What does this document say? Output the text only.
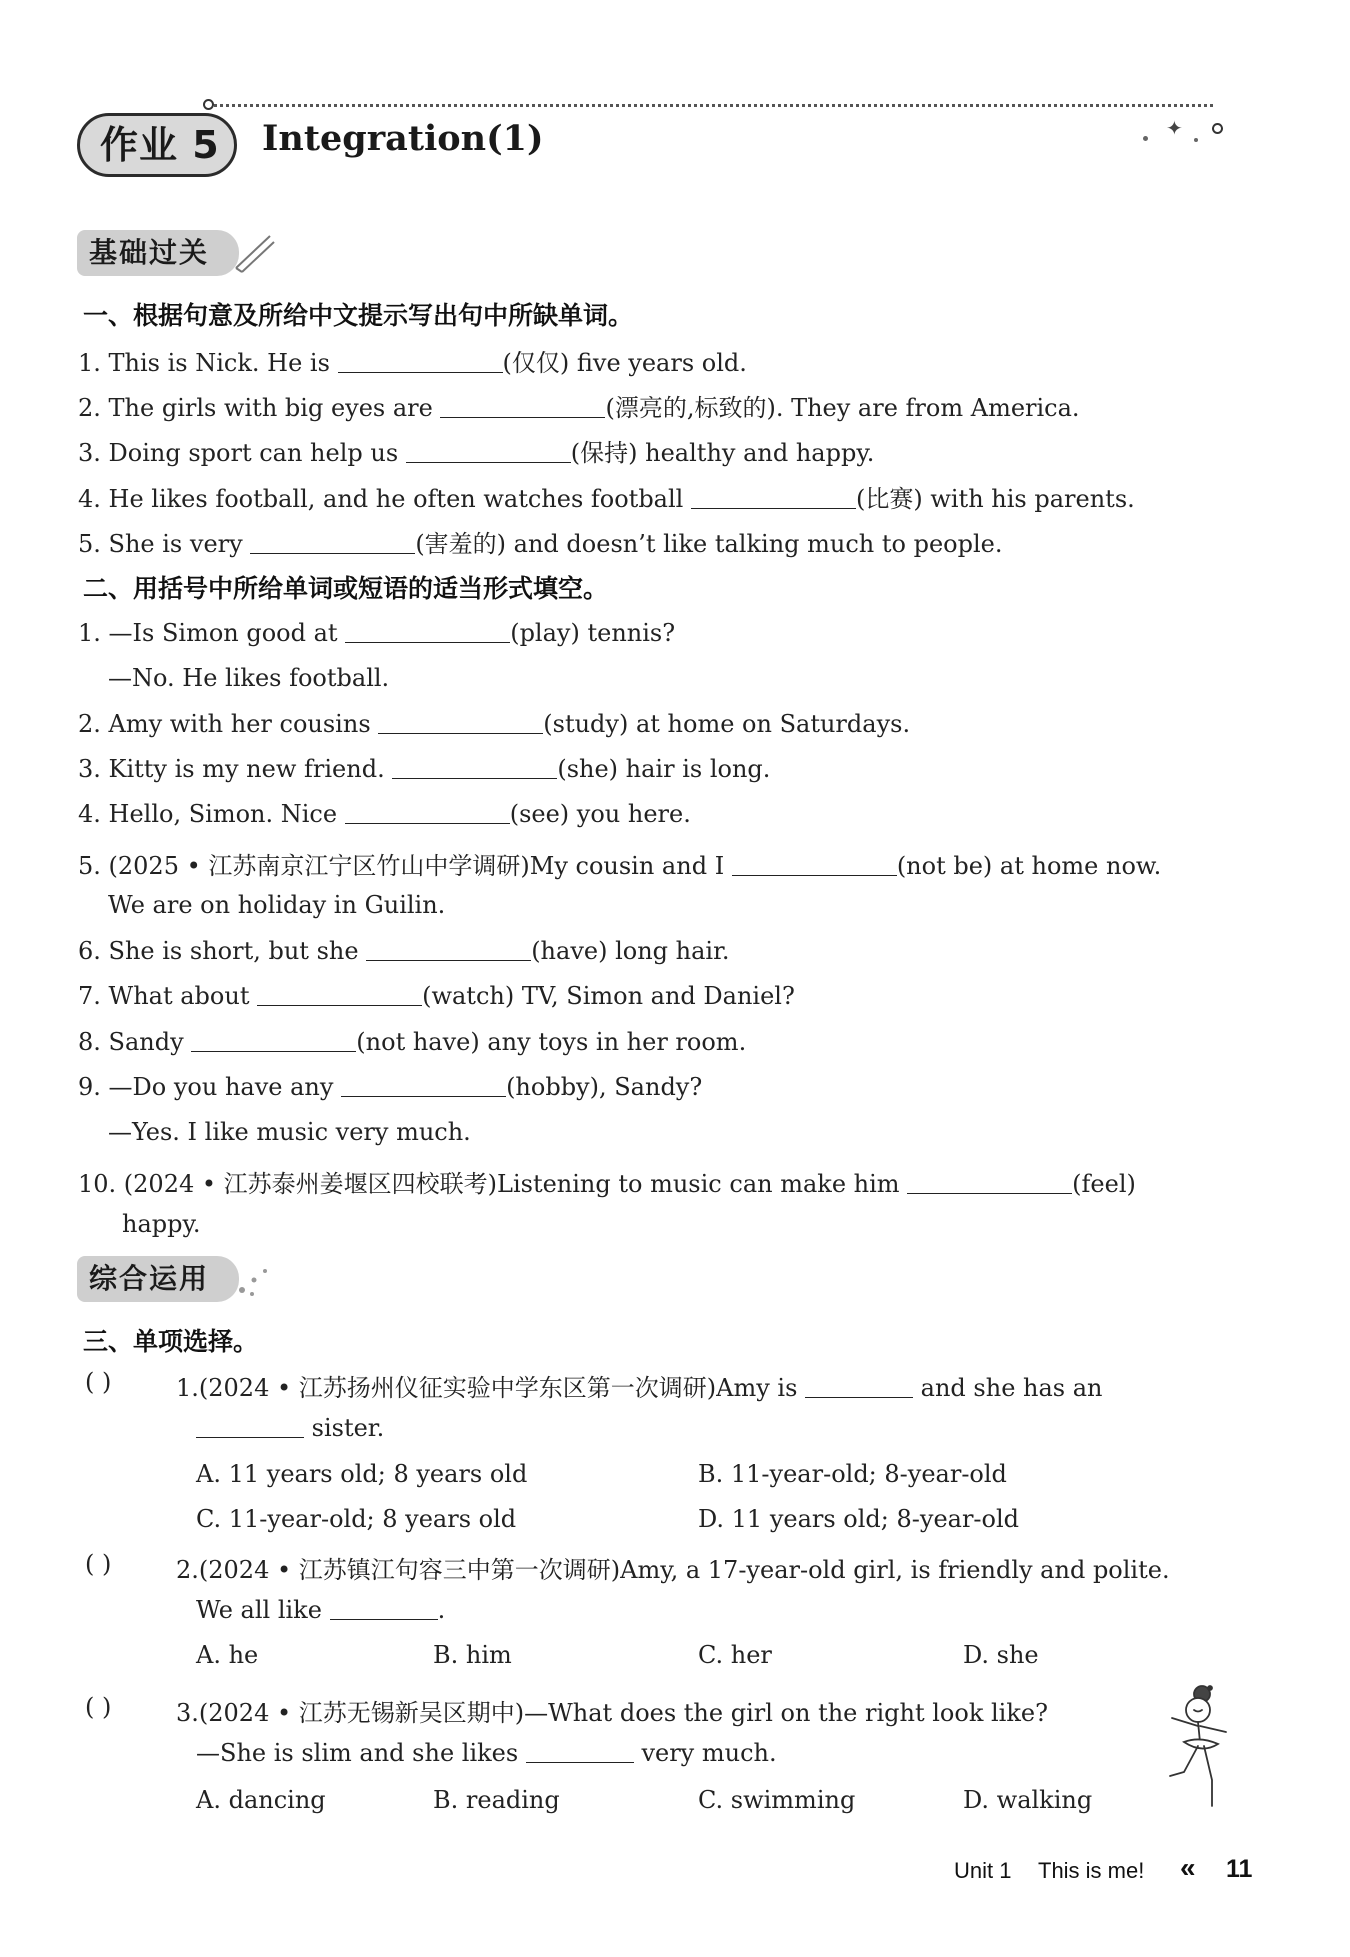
✦
作业 5	Integration(1)
基础过关
一、根据句意及所给中文提示写出句中所缺单词。
1. This is Nick. He is	(仅仅) five years old.
2. The girls with big eyes are	(漂亮的,标致的). They are from America.
3. Doing sport can help us	(保持) healthy and happy.
4. He likes football, and he often watches football	(比赛) with his parents.
5. She is very	(害羞的) and doesn’t like talking much to people.
二、用括号中所给单词或短语的适当形式填空。
1. —Is Simon good at	(play) tennis?
—No. He likes football.
2. Amy with her cousins	(study) at home on Saturdays.
3. Kitty is my new friend.	(she) hair is long.
4. Hello, Simon. Nice	(see) you here.
5. (2025 • 江苏南京江宁区竹山中学调研)My cousin and I	(not be) at home now.
We are on holiday in Guilin.
6. She is short, but she	(have) long hair.
7. What about	(watch) TV, Simon and Daniel?
8. Sandy	(not have) any toys in her room.
9. —Do you have any	(hobby), Sandy?
—Yes. I like music very much.
10. (2024 • 江苏泰州姜堰区四校联考)Listening to music can make him	(feel)
happy.
综合运用
三、单项选择。
( )	1.(2024 • 江苏扬州仪征实验中学东区第一次调研)Amy is	and she has an
sister.
A. 11 years old; 8 years old	B. 11-year-old; 8-year-old
C. 11-year-old; 8 years old	D. 11 years old; 8-year-old
( )	2.(2024 • 江苏镇江句容三中第一次调研)Amy, a 17-year-old girl, is friendly and polite.
We all like	.
A. he	B. him	C. her	D. she
( )	3.(2024 • 江苏无锡新吴区期中)—What does the girl on the right look like?
—She is slim and she likes	very much.
A. dancing	B. reading	C. swimming	D. walking
Unit 1 This is me! « 11
